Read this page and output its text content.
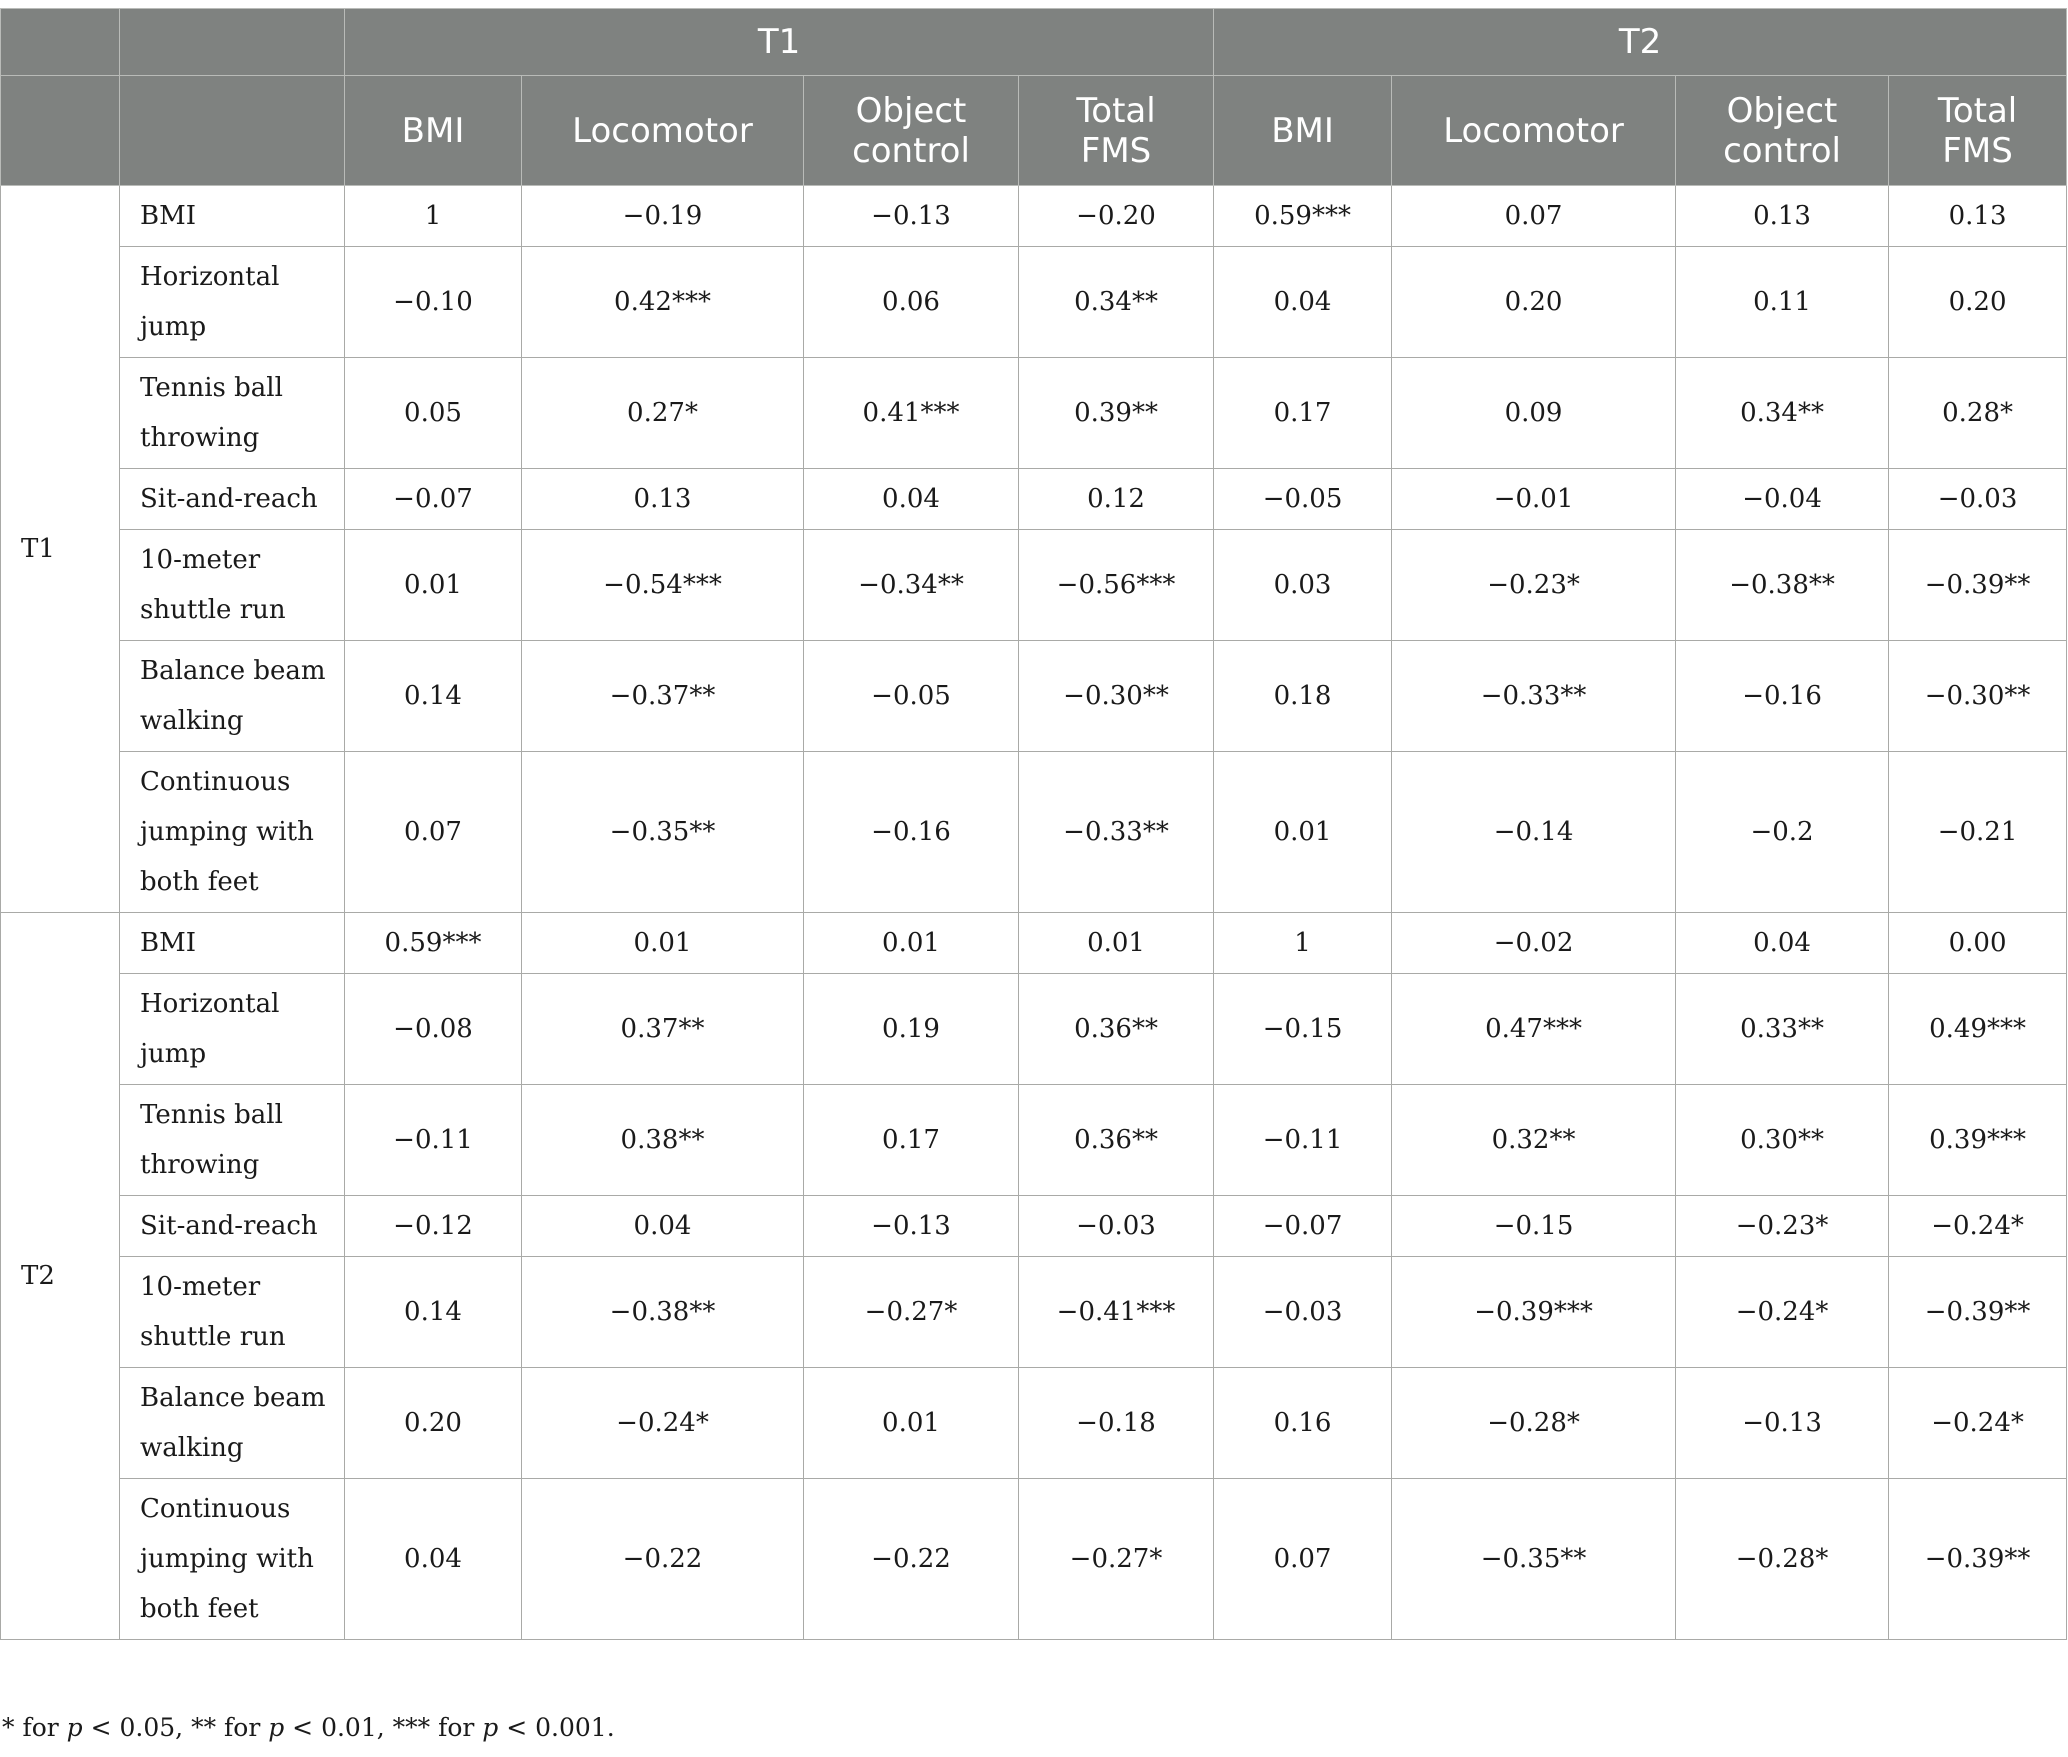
		T1				T2			
		BMI	Locomotor	Object control	Total FMS	BMI	Locomotor	Object control	Total FMS
T1	BMI	1	−0.19	−0.13	−0.20	0.59***	0.07	0.13	0.13
	Horizontal jump	−0.10	0.42***	0.06	0.34**	0.04	0.20	0.11	0.20
	Tennis ball throwing	0.05	0.27*	0.41***	0.39**	0.17	0.09	0.34**	0.28*
	Sit-and-reach	−0.07	0.13	0.04	0.12	−0.05	−0.01	−0.04	−0.03
	10-meter shuttle run	0.01	−0.54***	−0.34**	−0.56***	0.03	−0.23*	−0.38**	−0.39**
	Balance beam walking	0.14	−0.37**	−0.05	−0.30**	0.18	−0.33**	−0.16	−0.30**
	Continuous jumping with both feet	0.07	−0.35**	−0.16	−0.33**	0.01	−0.14	−0.2	−0.21
T2	BMI	0.59***	0.01	0.01	0.01	1	−0.02	0.04	0.00
	Horizontal jump	−0.08	0.37**	0.19	0.36**	−0.15	0.47***	0.33**	0.49***
	Tennis ball throwing	−0.11	0.38**	0.17	0.36**	−0.11	0.32**	0.30**	0.39***
	Sit-and-reach	−0.12	0.04	−0.13	−0.03	−0.07	−0.15	−0.23*	−0.24*
	10-meter shuttle run	0.14	−0.38**	−0.27*	−0.41***	−0.03	−0.39***	−0.24*	−0.39**
	Balance beam walking	0.20	−0.24*	0.01	−0.18	0.16	−0.28*	−0.13	−0.24*
	Continuous jumping with both feet	0.04	−0.22	−0.22	−0.27*	0.07	−0.35**	−0.28*	−0.39**
* for p < 0.05, ** for p < 0.01, *** for p < 0.001.
